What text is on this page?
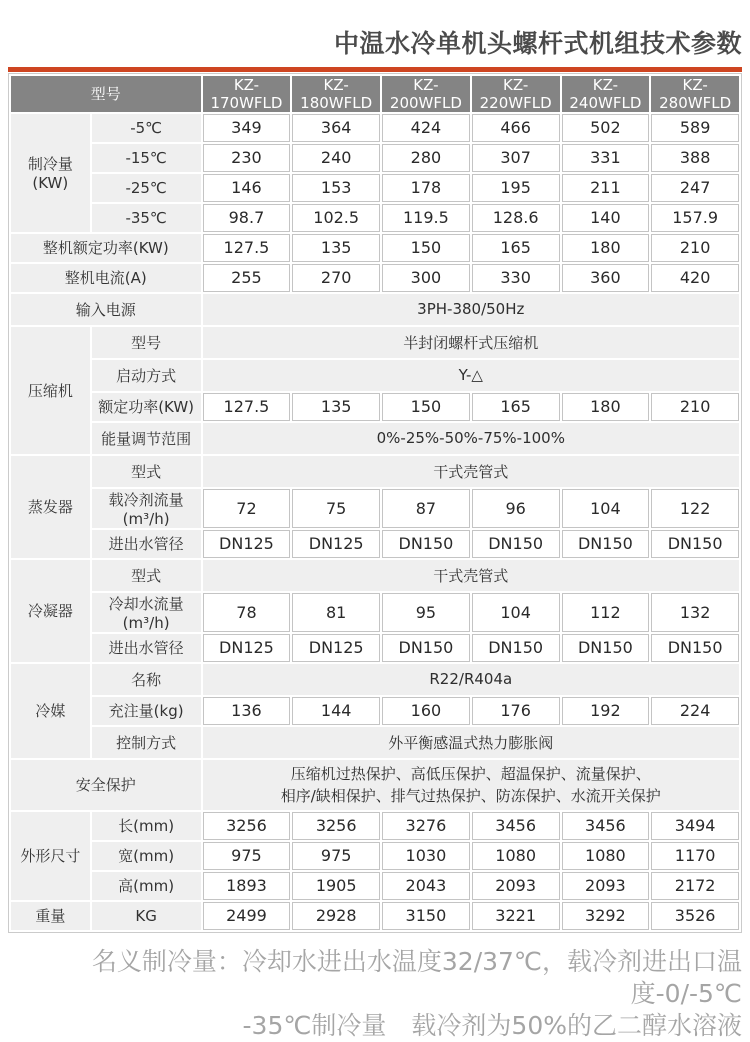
中温水冷单机头螺杆式机组技术参数
型号		KZ-170WFLD	KZ-180WFLD	KZ-200WFLD	KZ-220WFLD	KZ-240WFLD	KZ-280WFLD
制冷量(KW)	-5℃	349	364	424	466	502	589
	-15℃	230	240	280	307	331	388
	-25℃	146	153	178	195	211	247
	-35℃	98.7	102.5	119.5	128.6	140	157.9
整机额定功率(KW)		127.5	135	150	165	180	210
整机电流(A)		255	270	300	330	360	420
输入电源		3PH-380/50Hz					
压缩机	型号	半封闭螺杆式压缩机					
	启动方式	Y-△					
	额定功率(KW)	127.5	135	150	165	180	210
	能量调节范围	0%-25%-50%-75%-100%					
蒸发器	型式	干式壳管式					
	载冷剂流量(m³/h)	72	75	87	96	104	122
	进出水管径	DN125	DN125	DN150	DN150	DN150	DN150
冷凝器	型式	干式壳管式					
	冷却水流量(m³/h)	78	81	95	104	112	132
	进出水管径	DN125	DN125	DN150	DN150	DN150	DN150
冷媒	名称	R22/R404a					
	充注量(kg)	136	144	160	176	192	224
	控制方式	外平衡感温式热力膨胀阀					
安全保护		压缩机过热保护、高低压保护、超温保护、流量保护、
相序/缺相保护、排气过热保护、防冻保护、水流开关保护					

外形尺寸	长(mm)	3256	3256	3276	3456	3456	3494
	宽(mm)	975	975	1030	1080	1080	1170
	高(mm)	1893	1905	2043	2093	2093	2172
重量	KG	2499	2928	3150	3221	3292	3526
名义制冷量：冷却水进出水温度32/37℃，载冷剂进出口温度-0/-5℃
-35℃制冷量　载冷剂为50%的乙二醇水溶液
